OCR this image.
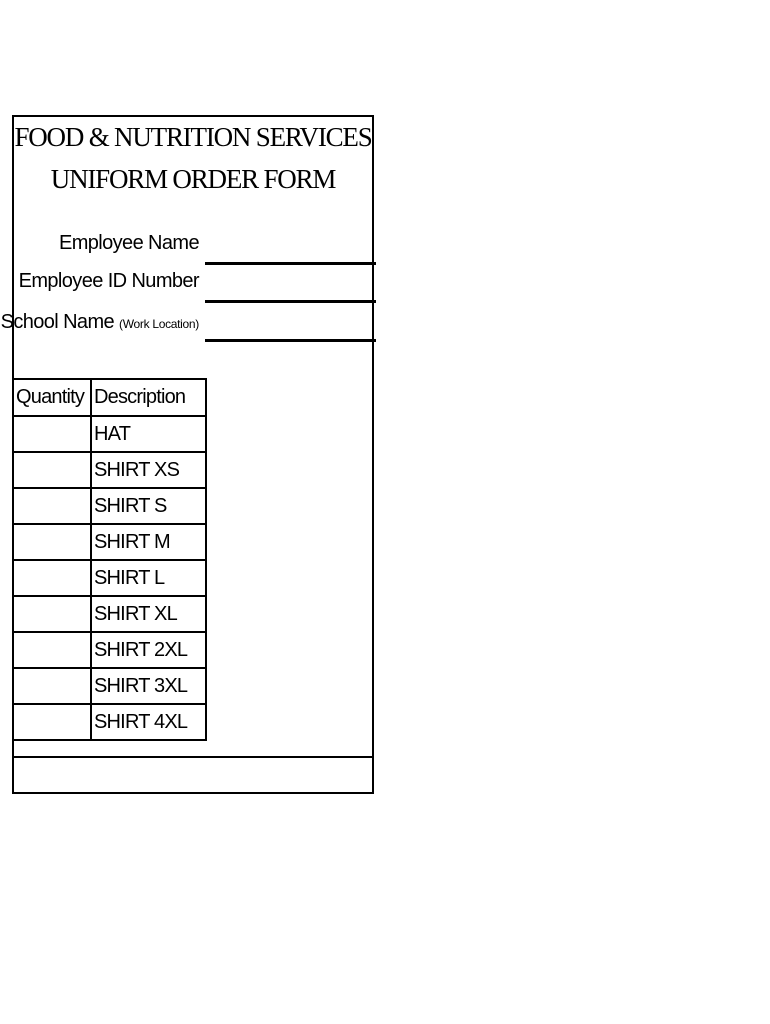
FOOD & NUTRITION SERVICES
UNIFORM ORDER FORM
Employee Name
Employee ID Number
School Name (Work Location)
Quantity	Description
	HAT
	SHIRT XS
	SHIRT S
	SHIRT M
	SHIRT L
	SHIRT XL
	SHIRT 2XL
	SHIRT 3XL
	SHIRT 4XL
